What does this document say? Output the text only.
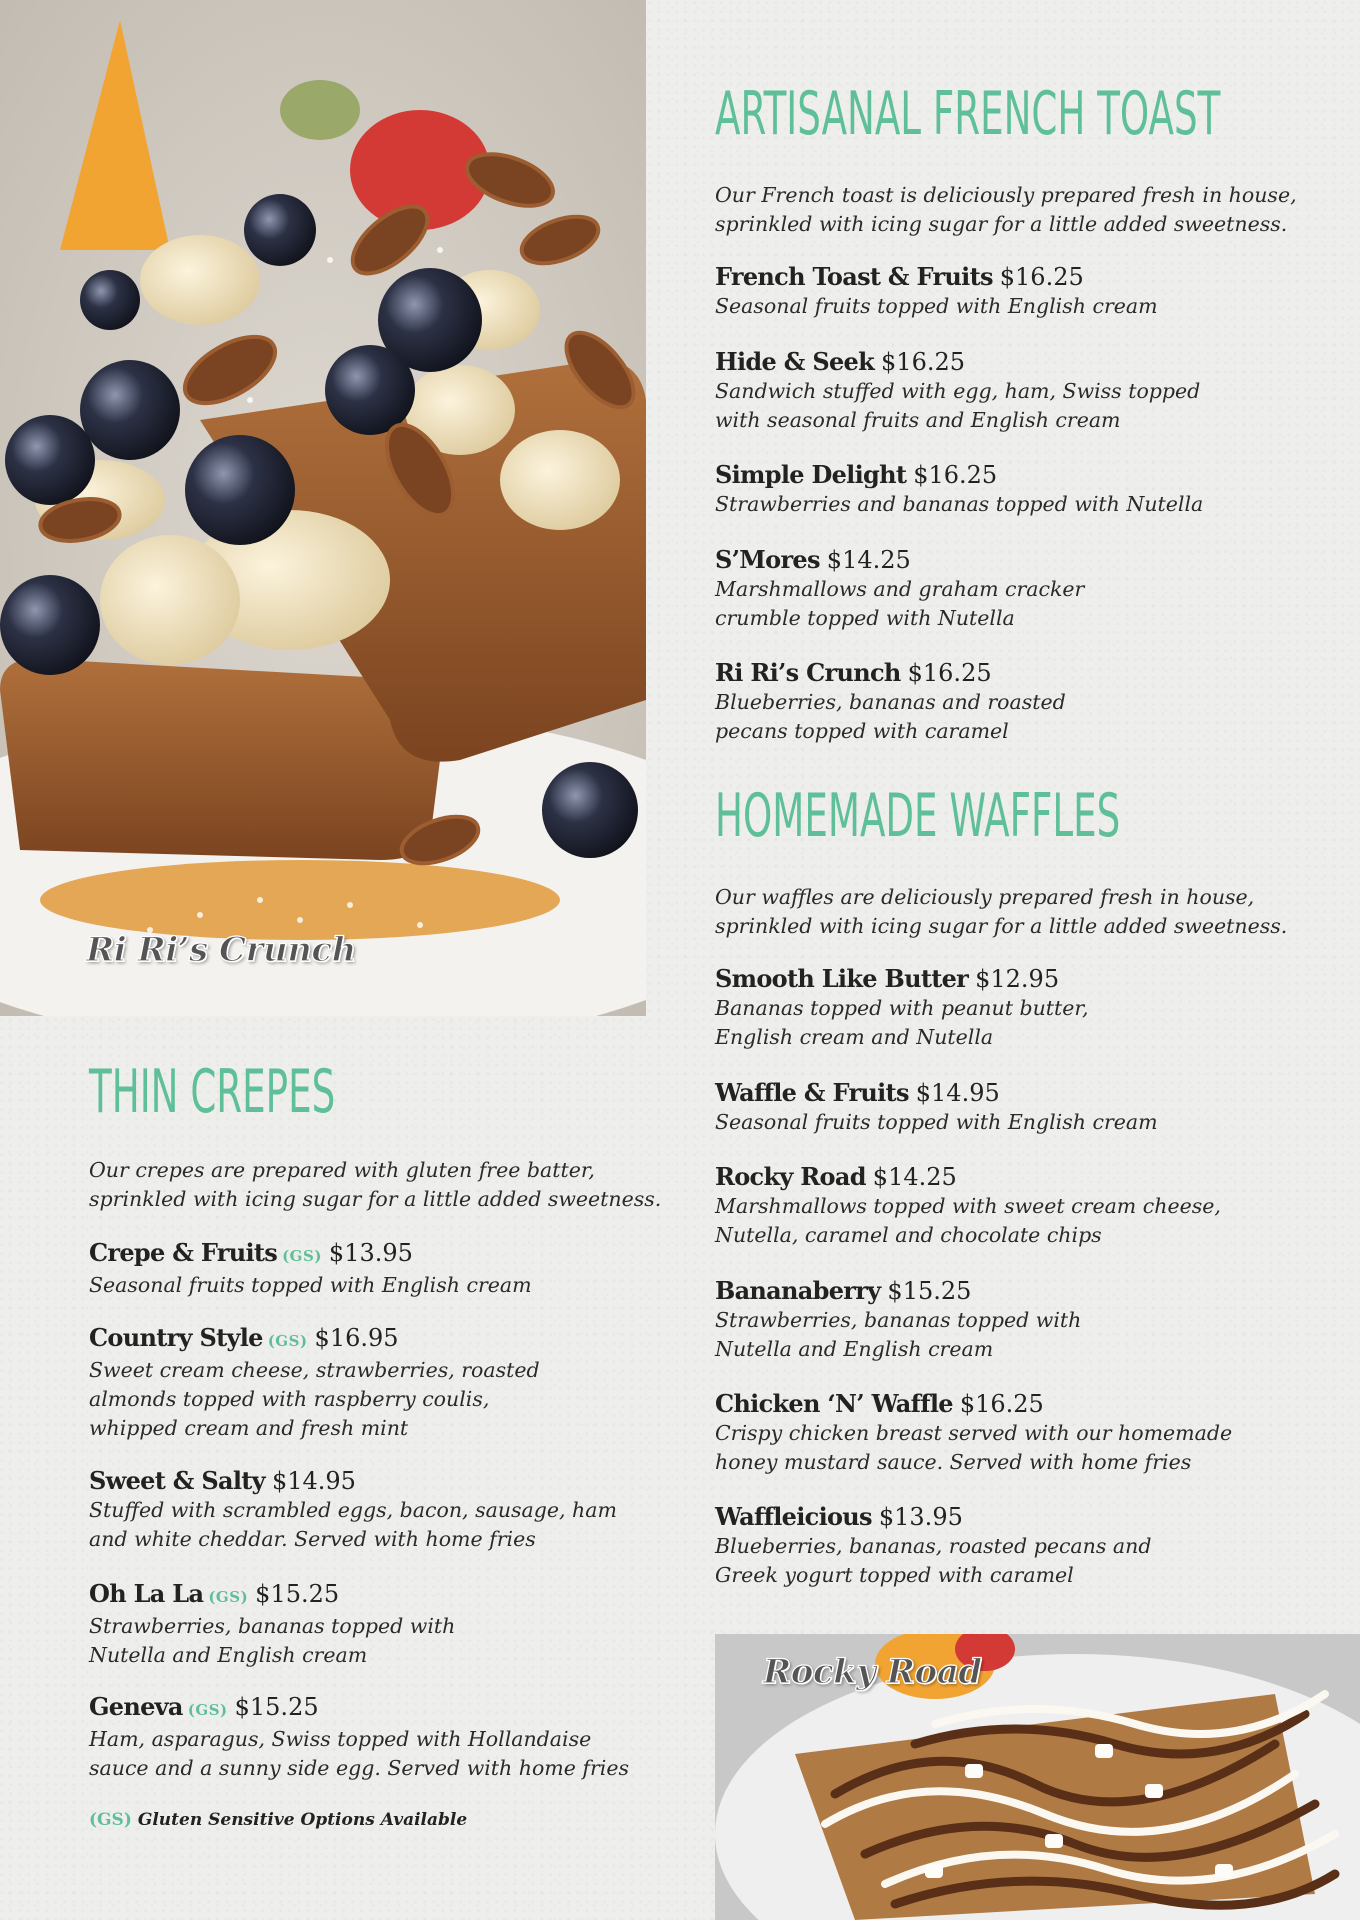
Ri Ri’s Crunch
Rocky Road
ARTISANAL FRENCH TOAST

Our French toast is deliciously prepared fresh in house,
sprinkled with icing sugar for a little added sweetness.

French Toast & Fruits $16.25
Seasonal fruits topped with English cream
Hide & Seek $16.25
Sandwich stuffed with egg, ham, Swiss topped
with seasonal fruits and English cream
Simple Delight $16.25
Strawberries and bananas topped with Nutella
S’Mores $14.25
Marshmallows and graham cracker
crumble topped with Nutella
Ri Ri’s Crunch $16.25
Blueberries, bananas and roasted
pecans topped with caramel
HOMEMADE WAFFLES

Our waffles are deliciously prepared fresh in house,
sprinkled with icing sugar for a little added sweetness.

Smooth Like Butter $12.95
Bananas topped with peanut butter,
English cream and Nutella
Waffle & Fruits $14.95
Seasonal fruits topped with English cream
Rocky Road $14.25
Marshmallows topped with sweet cream cheese,
Nutella, caramel and chocolate chips
Bananaberry $15.25
Strawberries, bananas topped with
Nutella and English cream
Chicken ‘N’ Waffle $16.25
Crispy chicken breast served with our homemade
honey mustard sauce. Served with home fries
Waffleicious $13.95
Blueberries, bananas, roasted pecans and
Greek yogurt topped with caramel
THIN CREPES

Our crepes are prepared with gluten free batter,
sprinkled with icing sugar for a little added sweetness.

Crepe & Fruits (GS) $13.95
Seasonal fruits topped with English cream
Country Style (GS) $16.95
Sweet cream cheese, strawberries, roasted
almonds topped with raspberry coulis,
whipped cream and fresh mint
Sweet & Salty $14.95
Stuffed with scrambled eggs, bacon, sausage, ham
and white cheddar. Served with home fries
Oh La La (GS) $15.25
Strawberries, bananas topped with
Nutella and English cream
Geneva (GS) $15.25
Ham, asparagus, Swiss topped with Hollandaise
sauce and a sunny side egg. Served with home fries
(GS) Gluten Sensitive Options Available
